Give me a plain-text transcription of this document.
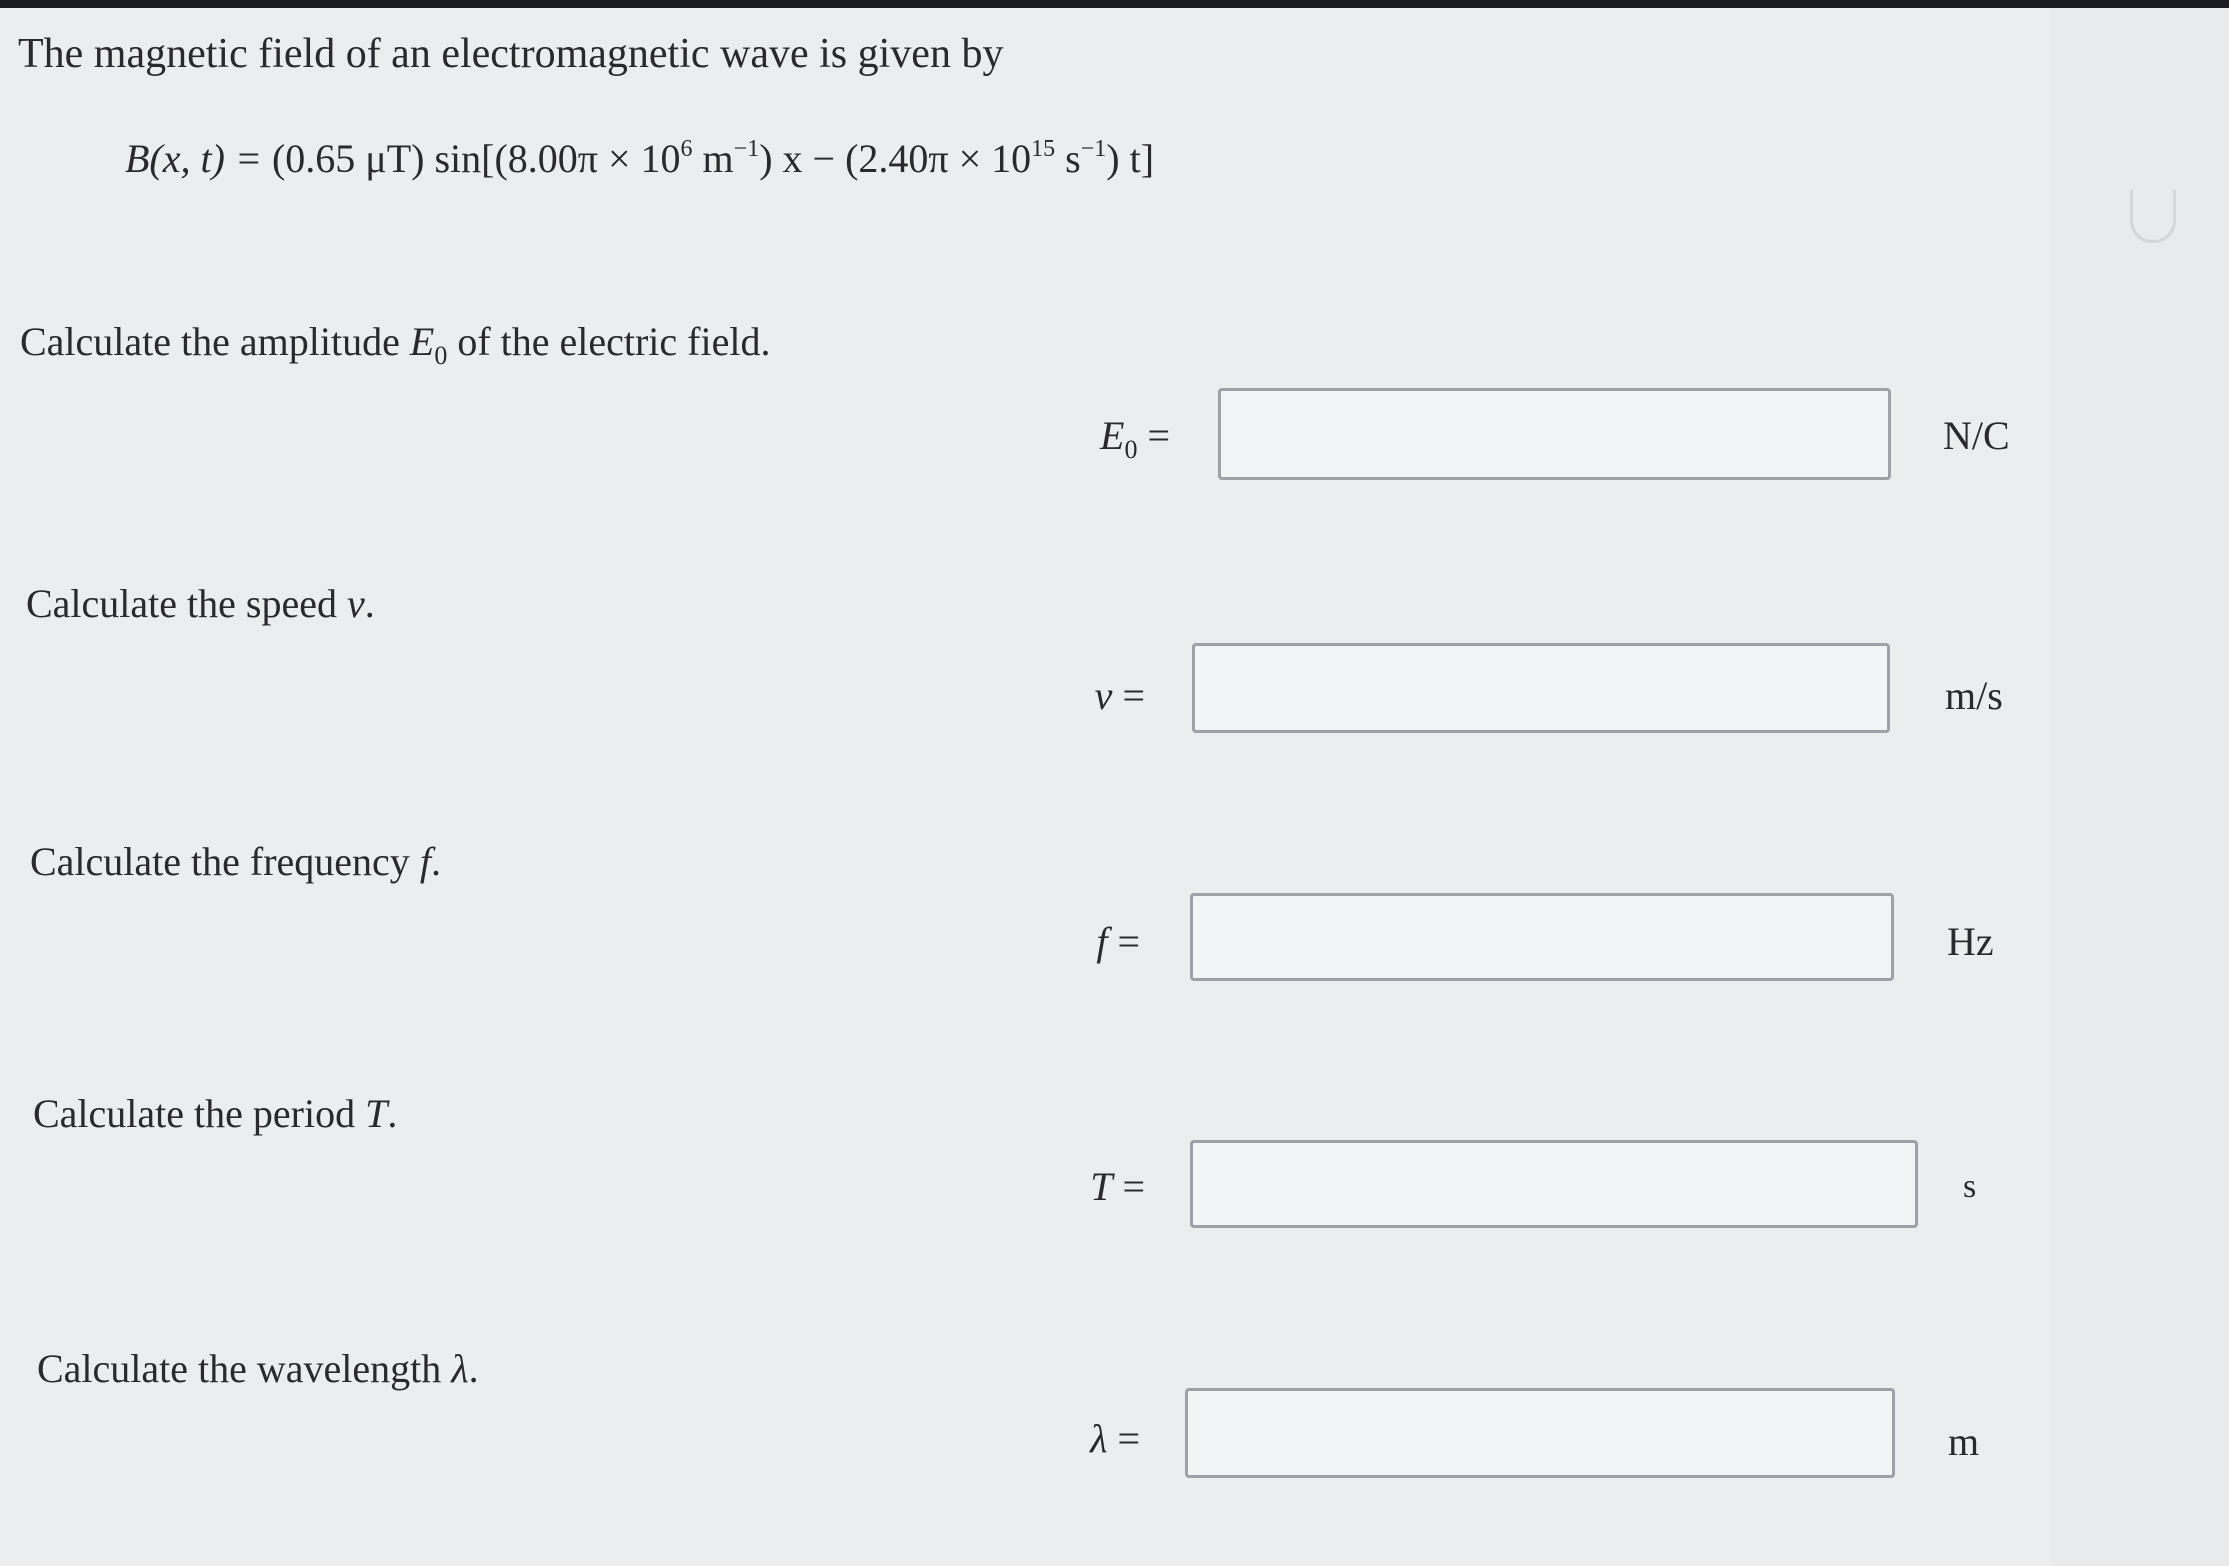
The magnetic field of an electromagnetic wave is given by
B(x, t) = (0.65 μT) $\sin[(8.00\pi \times 10^6$ $m^{-1}$) $x - (2.40\pi \times 10^{15}$ $s^{-1}$) t]
Calculate the amplitude $E_0$ of the electric field.
$E_0$ =	N/C
Calculate the speed v.
v =	m/s
Calculate the frequency f.
f =	Hz
Calculate the period T.
T =	s
Calculate the wavelength λ.
λ =	m
